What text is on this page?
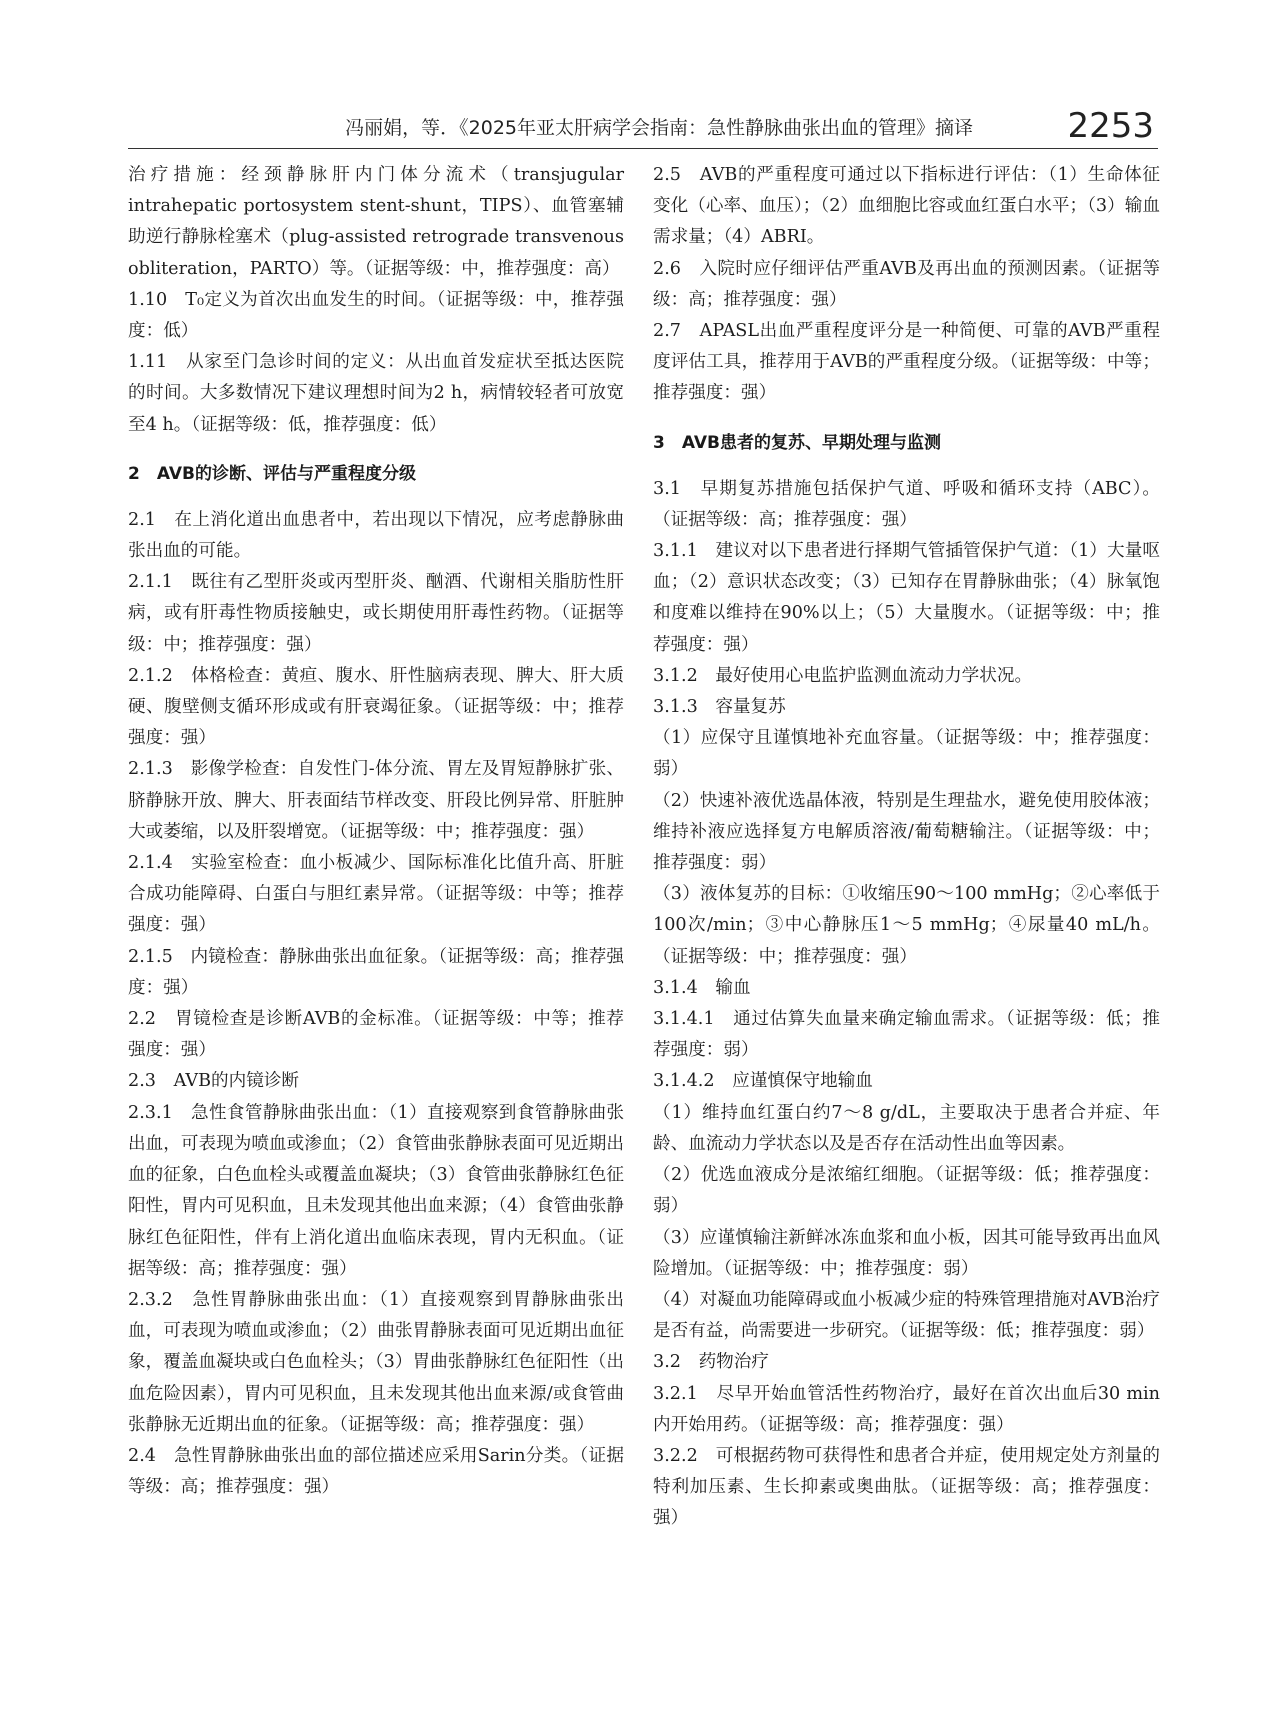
冯丽娟，等．《2025年亚太肝病学会指南：急性静脉曲张出血的管理》摘译	2253

治疗措施：经颈静脉肝内门体分流术（transjugular intrahepatic portosystem stent-shunt，TIPS）、血管塞辅助逆行静脉栓塞术（plug-assisted retrograde transvenous obliteration，PARTO）等。（证据等级：中，推荐强度：高）

1.10　T₀定义为首次出血发生的时间。（证据等级：中，推荐强度：低）

1.11　从家至门急诊时间的定义：从出血首发症状至抵达医院的时间。大多数情况下建议理想时间为2 h，病情较轻者可放宽至4 h。（证据等级：低，推荐强度：低）

2　AVB的诊断、评估与严重程度分级

2.1　在上消化道出血患者中，若出现以下情况，应考虑静脉曲张出血的可能。

2.1.1　既往有乙型肝炎或丙型肝炎、酗酒、代谢相关脂肪性肝病，或有肝毒性物质接触史，或长期使用肝毒性药物。（证据等级：中；推荐强度：强）

2.1.2　体格检查：黄疸、腹水、肝性脑病表现、脾大、肝大质硬、腹壁侧支循环形成或有肝衰竭征象。（证据等级：中；推荐强度：强）

2.1.3　影像学检查：自发性门-体分流、胃左及胃短静脉扩张、脐静脉开放、脾大、肝表面结节样改变、肝段比例异常、肝脏肿大或萎缩，以及肝裂增宽。（证据等级：中；推荐强度：强）

2.1.4　实验室检查：血小板减少、国际标准化比值升高、肝脏合成功能障碍、白蛋白与胆红素异常。（证据等级：中等；推荐强度：强）

2.1.5　内镜检查：静脉曲张出血征象。（证据等级：高；推荐强度：强）

2.2　胃镜检查是诊断AVB的金标准。（证据等级：中等；推荐强度：强）

2.3　AVB的内镜诊断

2.3.1　急性食管静脉曲张出血：（1）直接观察到食管静脉曲张出血，可表现为喷血或渗血；（2）食管曲张静脉表面可见近期出血的征象，白色血栓头或覆盖血凝块；（3）食管曲张静脉红色征阳性，胃内可见积血，且未发现其他出血来源；（4）食管曲张静脉红色征阳性，伴有上消化道出血临床表现，胃内无积血。（证据等级：高；推荐强度：强）

2.3.2　急性胃静脉曲张出血：（1）直接观察到胃静脉曲张出血，可表现为喷血或渗血；（2）曲张胃静脉表面可见近期出血征象，覆盖血凝块或白色血栓头；（3）胃曲张静脉红色征阳性（出血危险因素），胃内可见积血，且未发现其他出血来源/或食管曲张静脉无近期出血的征象。（证据等级：高；推荐强度：强）

2.4　急性胃静脉曲张出血的部位描述应采用Sarin分类。（证据等级：高；推荐强度：强）

2.5　AVB的严重程度可通过以下指标进行评估：（1）生命体征变化（心率、血压）；（2）血细胞比容或血红蛋白水平；（3）输血需求量；（4）ABRI。

2.6　入院时应仔细评估严重AVB及再出血的预测因素。（证据等级：高；推荐强度：强）

2.7　APASL出血严重程度评分是一种简便、可靠的AVB严重程度评估工具，推荐用于AVB的严重程度分级。（证据等级：中等；推荐强度：强）

3　AVB患者的复苏、早期处理与监测

3.1　早期复苏措施包括保护气道、呼吸和循环支持（ABC）。（证据等级：高；推荐强度：强）

3.1.1　建议对以下患者进行择期气管插管保护气道：（1）大量呕血；（2）意识状态改变；（3）已知存在胃静脉曲张；（4）脉氧饱和度难以维持在90%以上；（5）大量腹水。（证据等级：中；推荐强度：强）

3.1.2　最好使用心电监护监测血流动力学状况。

3.1.3　容量复苏

（1）应保守且谨慎地补充血容量。（证据等级：中；推荐强度：弱）

（2）快速补液优选晶体液，特别是生理盐水，避免使用胶体液；维持补液应选择复方电解质溶液/葡萄糖输注。（证据等级：中；推荐强度：弱）

（3）液体复苏的目标：①收缩压90～100 mmHg；②心率低于100次/min；③中心静脉压1～5 mmHg；④尿量40 mL/h。（证据等级：中；推荐强度：强）

3.1.4　输血

3.1.4.1　通过估算失血量来确定输血需求。（证据等级：低；推荐强度：弱）

3.1.4.2　应谨慎保守地输血

（1）维持血红蛋白约7～8 g/dL，主要取决于患者合并症、年龄、血流动力学状态以及是否存在活动性出血等因素。

（2）优选血液成分是浓缩红细胞。（证据等级：低；推荐强度：弱）

（3）应谨慎输注新鲜冰冻血浆和血小板，因其可能导致再出血风险增加。（证据等级：中；推荐强度：弱）

（4）对凝血功能障碍或血小板减少症的特殊管理措施对AVB治疗是否有益，尚需要进一步研究。（证据等级：低；推荐强度：弱）

3.2　药物治疗

3.2.1　尽早开始血管活性药物治疗，最好在首次出血后30 min内开始用药。（证据等级：高；推荐强度：强）

3.2.2　可根据药物可获得性和患者合并症，使用规定处方剂量的特利加压素、生长抑素或奥曲肽。（证据等级：高；推荐强度：强）
